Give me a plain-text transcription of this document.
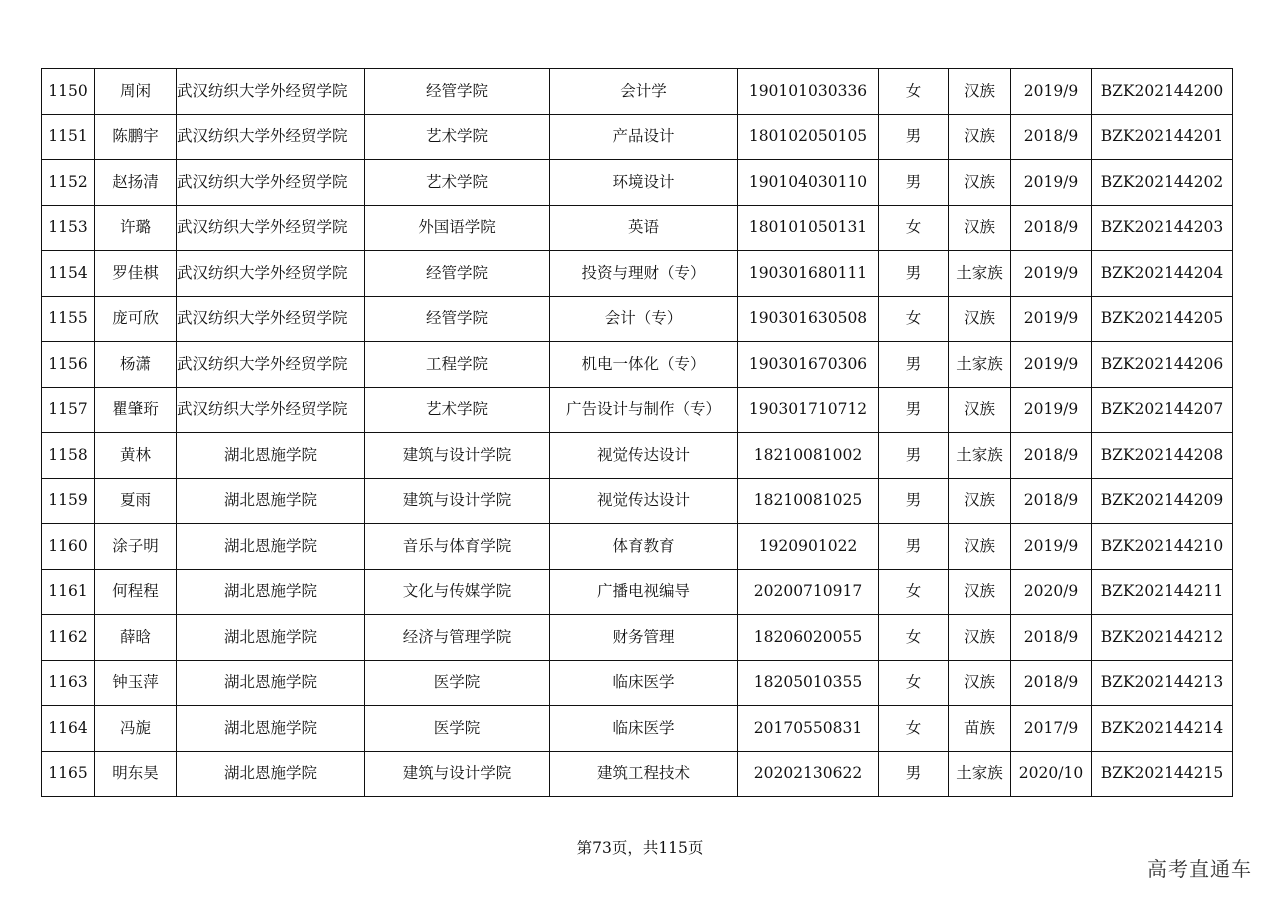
1150	周闲	武汉纺织大学外经贸学院	经管学院	会计学	190101030336	女	汉族	2019/9	BZK202144200
1151	陈鹏宇	武汉纺织大学外经贸学院	艺术学院	产品设计	180102050105	男	汉族	2018/9	BZK202144201
1152	赵扬清	武汉纺织大学外经贸学院	艺术学院	环境设计	190104030110	男	汉族	2019/9	BZK202144202
1153	许璐	武汉纺织大学外经贸学院	外国语学院	英语	180101050131	女	汉族	2018/9	BZK202144203
1154	罗佳棋	武汉纺织大学外经贸学院	经管学院	投资与理财（专）	190301680111	男	土家族	2019/9	BZK202144204
1155	庞可欣	武汉纺织大学外经贸学院	经管学院	会计（专）	190301630508	女	汉族	2019/9	BZK202144205
1156	杨潇	武汉纺织大学外经贸学院	工程学院	机电一体化（专）	190301670306	男	土家族	2019/9	BZK202144206
1157	瞿肇珩	武汉纺织大学外经贸学院	艺术学院	广告设计与制作（专）	190301710712	男	汉族	2019/9	BZK202144207
1158	黄林	湖北恩施学院	建筑与设计学院	视觉传达设计	18210081002	男	土家族	2018/9	BZK202144208
1159	夏雨	湖北恩施学院	建筑与设计学院	视觉传达设计	18210081025	男	汉族	2018/9	BZK202144209
1160	涂子明	湖北恩施学院	音乐与体育学院	体育教育	1920901022	男	汉族	2019/9	BZK202144210
1161	何程程	湖北恩施学院	文化与传媒学院	广播电视编导	20200710917	女	汉族	2020/9	BZK202144211
1162	薛晗	湖北恩施学院	经济与管理学院	财务管理	18206020055	女	汉族	2018/9	BZK202144212
1163	钟玉萍	湖北恩施学院	医学院	临床医学	18205010355	女	汉族	2018/9	BZK202144213
1164	冯旎	湖北恩施学院	医学院	临床医学	20170550831	女	苗族	2017/9	BZK202144214
1165	明东昊	湖北恩施学院	建筑与设计学院	建筑工程技术	20202130622	男	土家族	2020/10	BZK202144215
第73页，共115页
高考直通车
